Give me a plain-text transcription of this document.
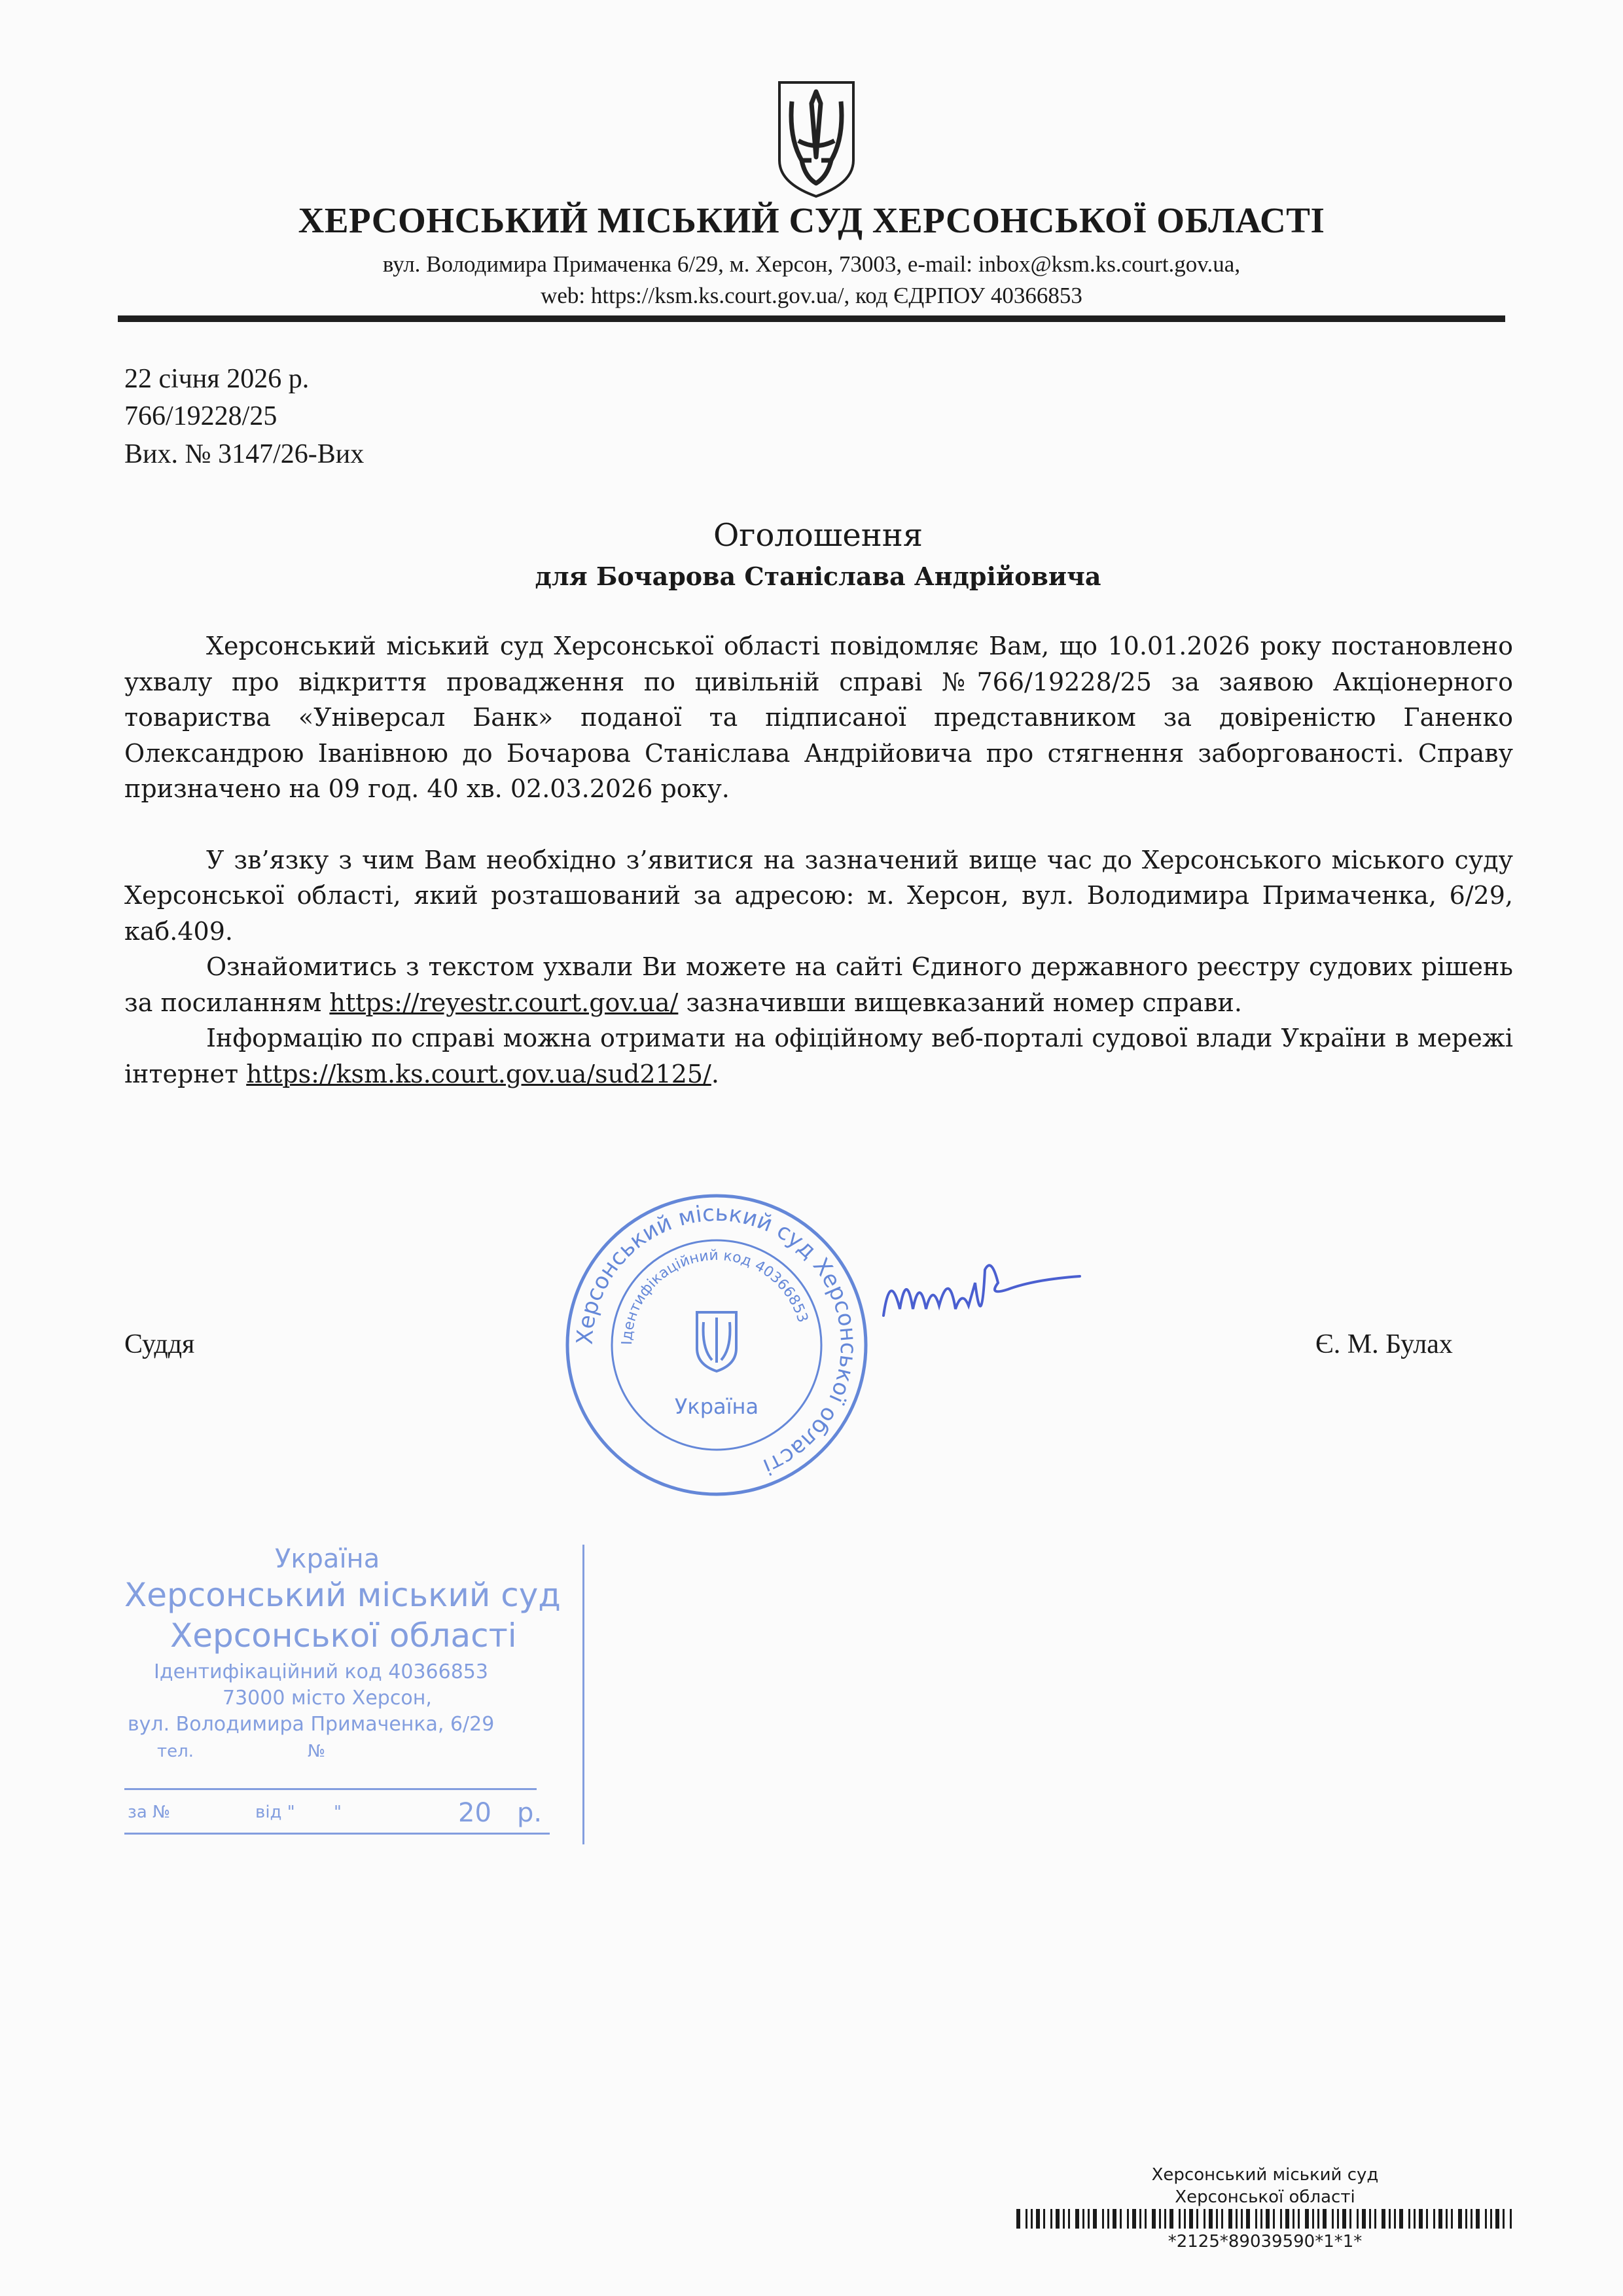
ХЕРСОНСЬКИЙ МІСЬКИЙ СУД ХЕРСОНСЬКОЇ ОБЛАСТІ
вул. Володимира Примаченка 6/29, м. Херсон, 73003, e-mail: inbox@ksm.ks.court.gov.ua,
web: https://ksm.ks.court.gov.ua/, код ЄДРПОУ 40366853
22 січня 2026 р.
766/19228/25
Вих. № 3147/26-Вих
Оголошення
для Бочарова Станіслава Андрійовича

Херсонський міський суд Херсонської області повідомляє Вам, що 10.01.2026 року постановлено ухвалу про відкриття провадження по цивільній справі №766/19228/25 за заявою Акціонерного товариства «Універсал Банк» поданої та підписаної представником за довіреністю Ганенко Олександрою Іванівною до Бочарова Станіслава Андрійовича про стягнення заборгованості. Справу призначено на 09 год. 40 хв. 02.03.2026 року.

У зв’язку з чим Вам необхідно з’явитися на зазначений вище час до Херсонського міського суду Херсонської області, який розташований за адресою: м. Херсон, вул. Володимира Примаченка, 6/29, каб.409.

Ознайомитись з текстом ухвали Ви можете на сайті Єдиного державного реєстру судових рішень за посиланням https://reyestr.court.gov.ua/ зазначивши вищевказаний номер справи.

Інформацію по справі можна отримати на офіційному веб-порталі судової влади України в мережі інтернет https://ksm.ks.court.gov.ua/sud2125/.

Херсонський міський суд Херсонської області
Ідентифікаційний код 40366853
Україна
Суддя	Є. М. Булах
Україна
Херсонський міський суд
Херсонської області
Ідентифікаційний код 40366853
73000 місто Херсон,
вул. Володимира Примаченка, 6/29
тел.	№
за №	від " "	20 р.
Херсонський міський суд
Херсонської області
*2125*89039590*1*1*
